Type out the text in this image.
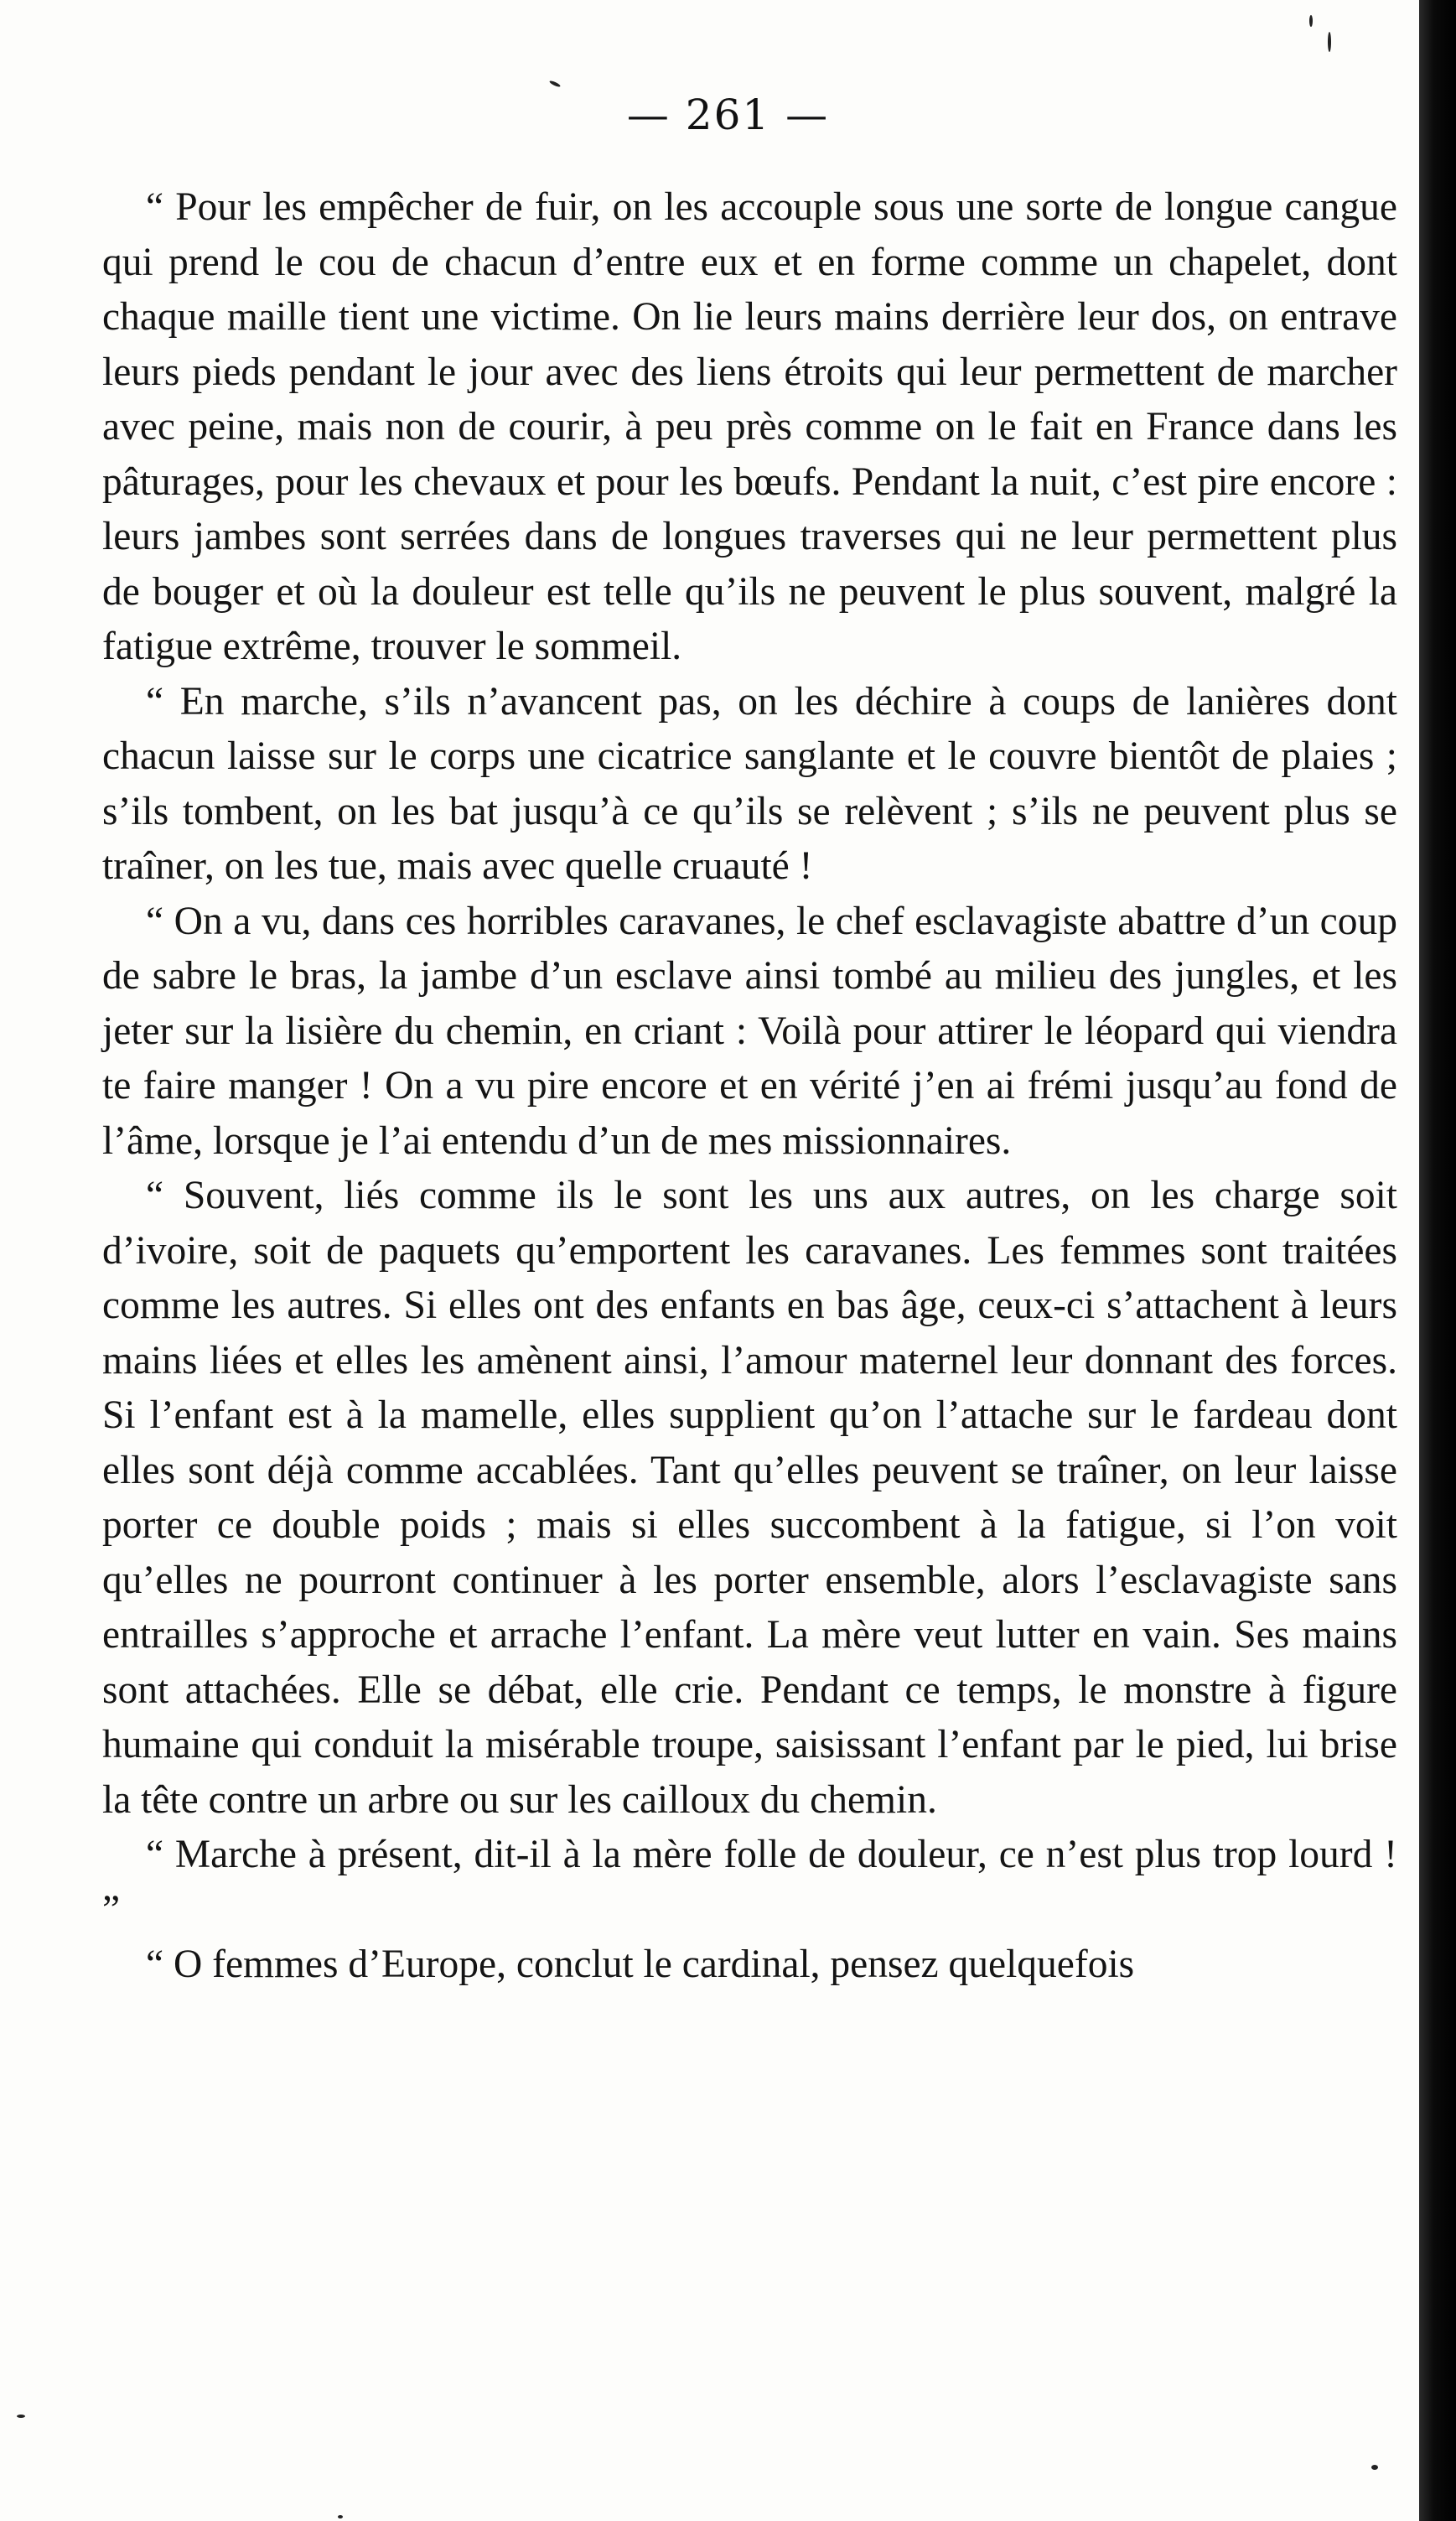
— 261 —

“ Pour les empêcher de fuir, on les accouple sous une sorte de longue cangue qui prend le cou de chacun d’entre eux et en forme comme un chapelet, dont chaque maille tient une victime. On lie leurs mains derrière leur dos, on entrave leurs pieds pendant le jour avec des liens étroits qui leur permettent de marcher avec peine, mais non de courir, à peu près comme on le fait en France dans les pâturages, pour les chevaux et pour les bœufs. Pendant la nuit, c’est pire encore : leurs jambes sont serrées dans de longues traverses qui ne leur permettent plus de bouger et où la douleur est telle qu’ils ne peuvent le plus souvent, malgré la fatigue extrême, trouver le sommeil.

“ En marche, s’ils n’avancent pas, on les déchire à coups de lanières dont chacun laisse sur le corps une cicatrice sanglante et le couvre bientôt de plaies ; s’ils tombent, on les bat jusqu’à ce qu’ils se relèvent ; s’ils ne peuvent plus se traîner, on les tue, mais avec quelle cruauté !

“ On a vu, dans ces horribles caravanes, le chef esclavagiste abattre d’un coup de sabre le bras, la jambe d’un esclave ainsi tombé au milieu des jungles, et les jeter sur la lisière du chemin, en criant : Voilà pour attirer le léopard qui viendra te faire manger ! On a vu pire encore et en vérité j’en ai frémi jusqu’au fond de l’âme, lorsque je l’ai entendu d’un de mes missionnaires.

“ Souvent, liés comme ils le sont les uns aux autres, on les charge soit d’ivoire, soit de paquets qu’emportent les caravanes. Les femmes sont traitées comme les autres. Si elles ont des enfants en bas âge, ceux-ci s’attachent à leurs mains liées et elles les amènent ainsi, l’amour maternel leur donnant des forces. Si l’enfant est à la mamelle, elles supplient qu’on l’attache sur le fardeau dont elles sont déjà comme accablées. Tant qu’elles peuvent se traîner, on leur laisse porter ce double poids ; mais si elles succombent à la fatigue, si l’on voit qu’elles ne pourront continuer à les porter ensemble, alors l’esclavagiste sans entrailles s’approche et arrache l’enfant. La mère veut lutter en vain. Ses mains sont attachées. Elle se débat, elle crie. Pendant ce temps, le monstre à figure humaine qui conduit la misérable troupe, saisissant l’enfant par le pied, lui brise la tête contre un arbre ou sur les cailloux du chemin.

“ Marche à présent, dit-il à la mère folle de douleur, ce n’est plus trop lourd ! ”

“ O femmes d’Europe, conclut le cardinal, pensez quelquefois
